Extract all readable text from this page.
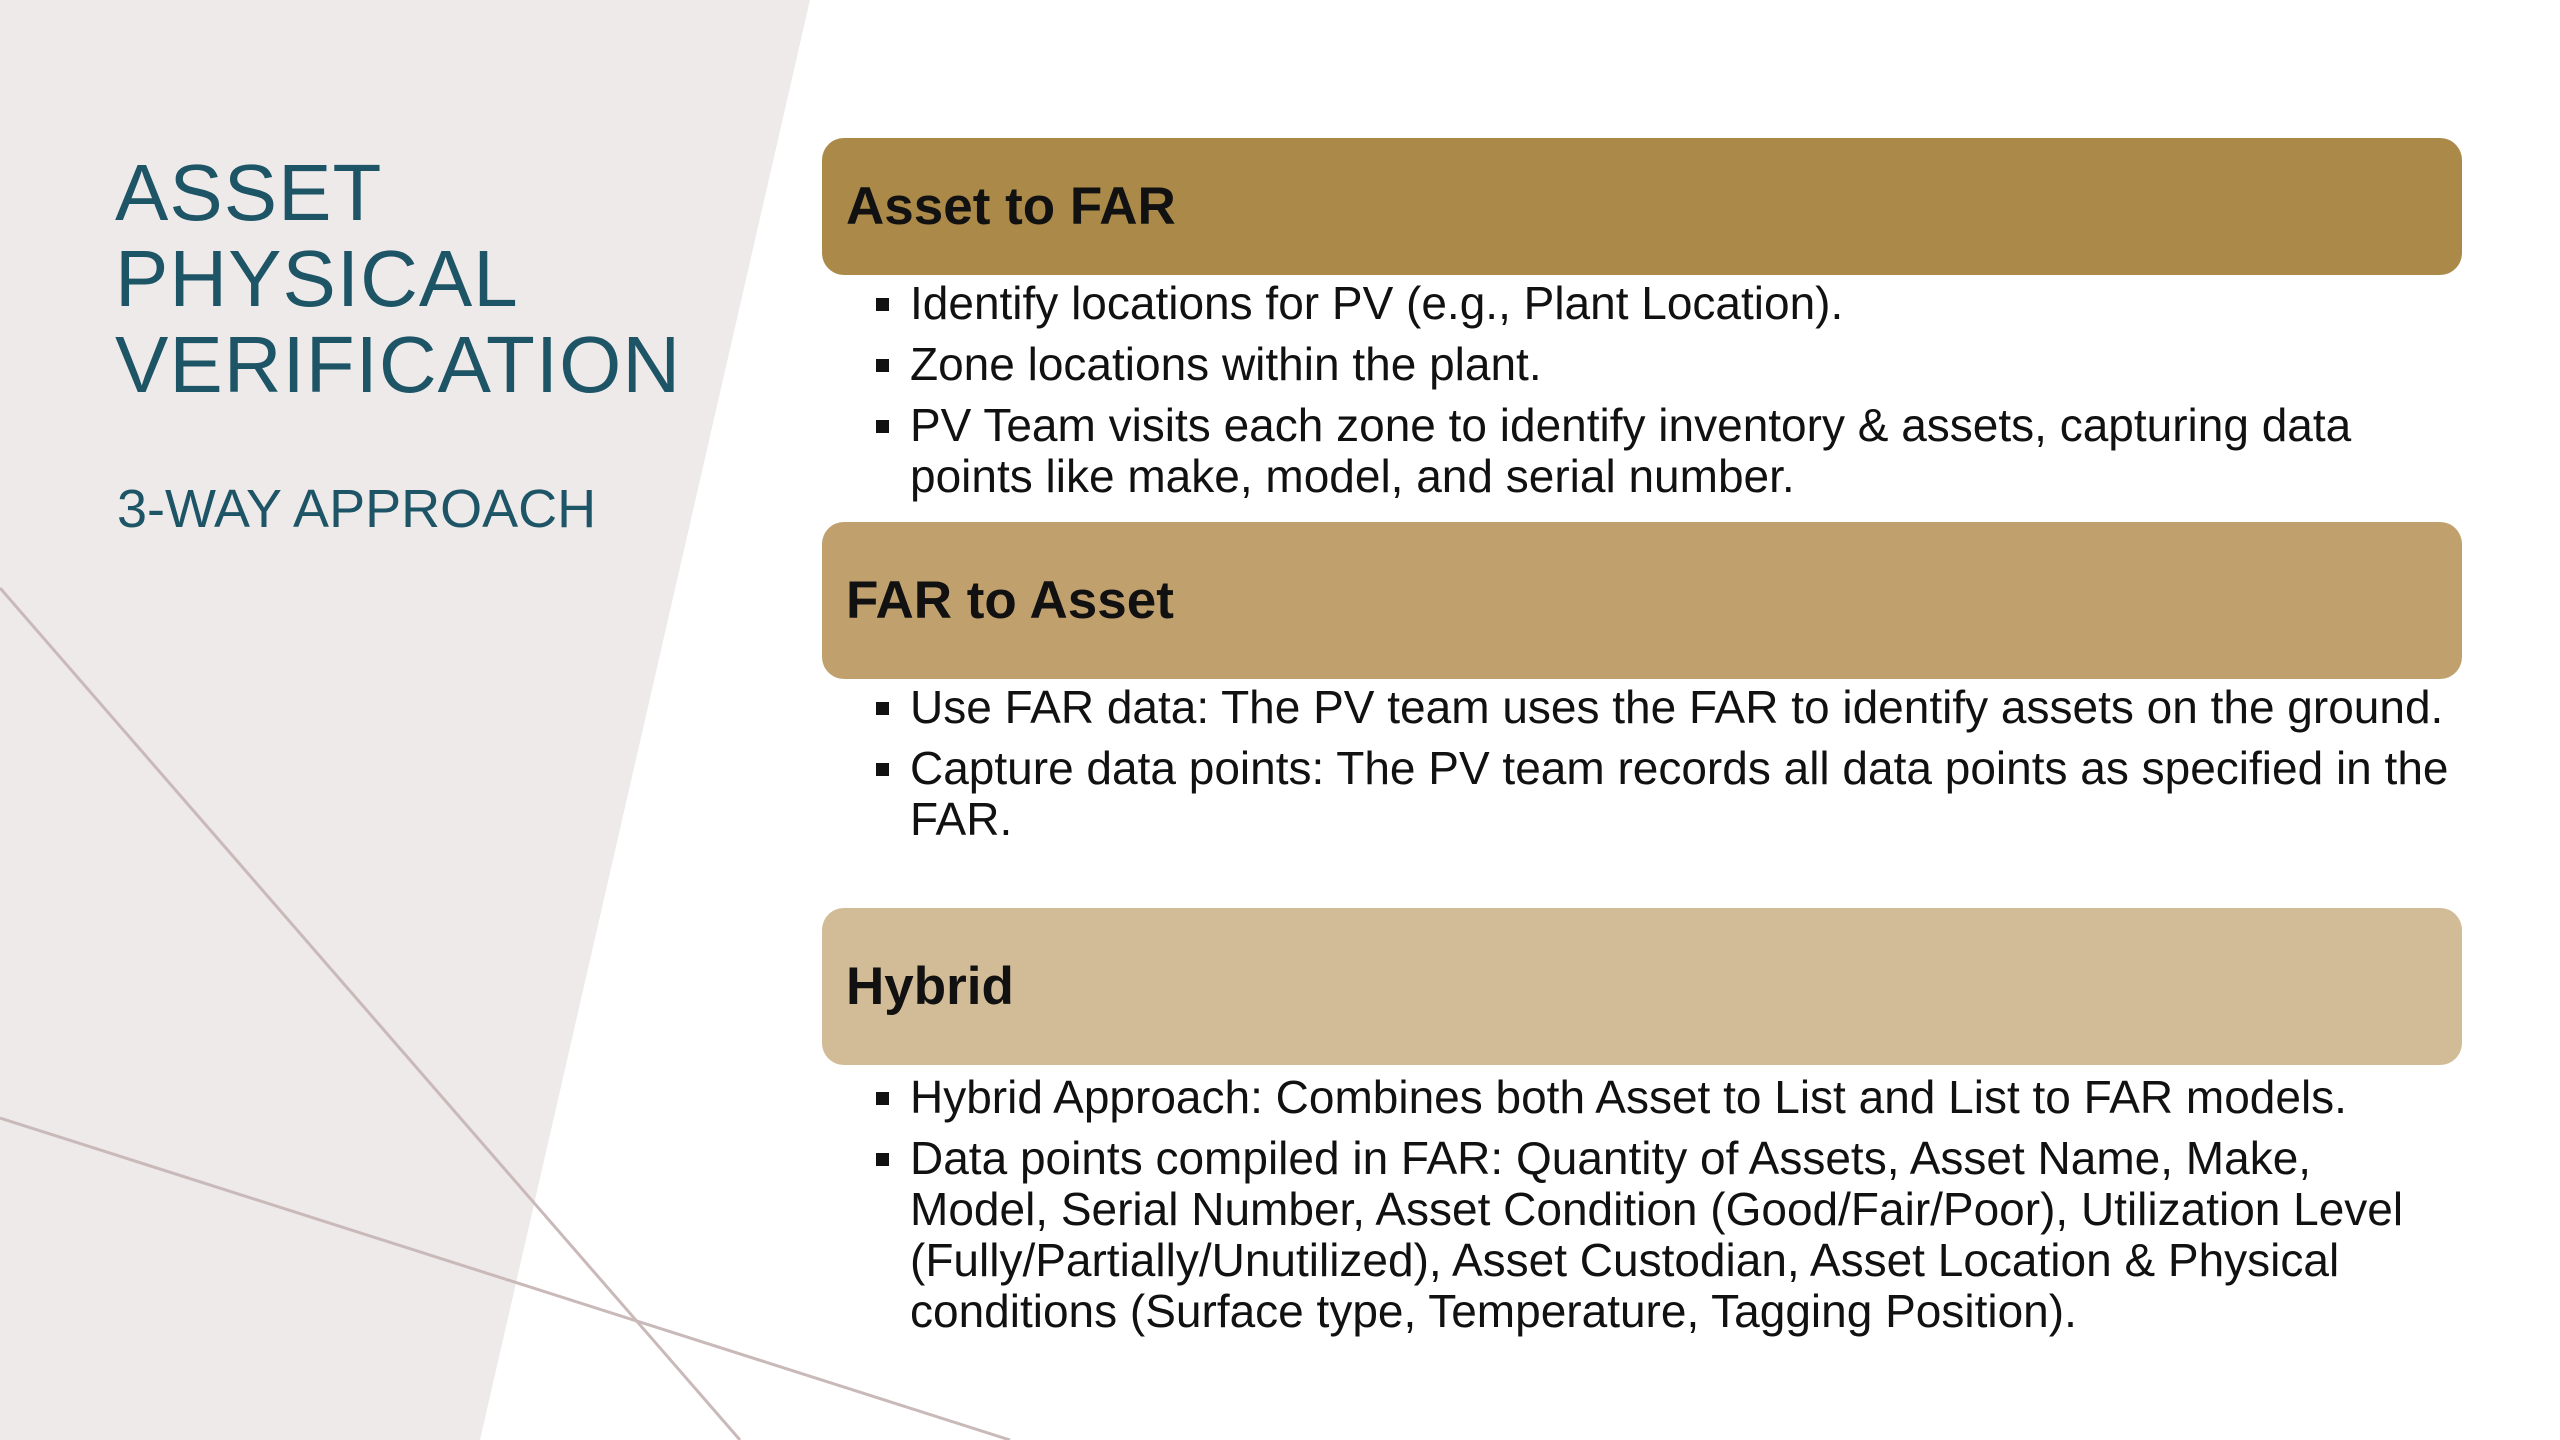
ASSET
PHYSICAL
VERIFICATION
3-WAY APPROACH
Asset to FAR
Identify locations for PV (e.g., Plant Location).
Zone locations within the plant.
PV Team visits each zone to identify inventory & assets, capturing data points like make, model, and serial number.
FAR to Asset
Use FAR data: The PV team uses the FAR to identify assets on the ground.
Capture data points: The PV team records all data points as specified in the FAR.
Hybrid
Hybrid Approach: Combines both Asset to List and List to FAR models.
Data points compiled in FAR: Quantity of Assets, Asset Name, Make, Model, Serial Number, Asset Condition (Good/Fair/Poor), Utilization Level (Fully/Partially/Unutilized), Asset Custodian, Asset Location & Physical conditions (Surface type, Temperature, Tagging Position).
